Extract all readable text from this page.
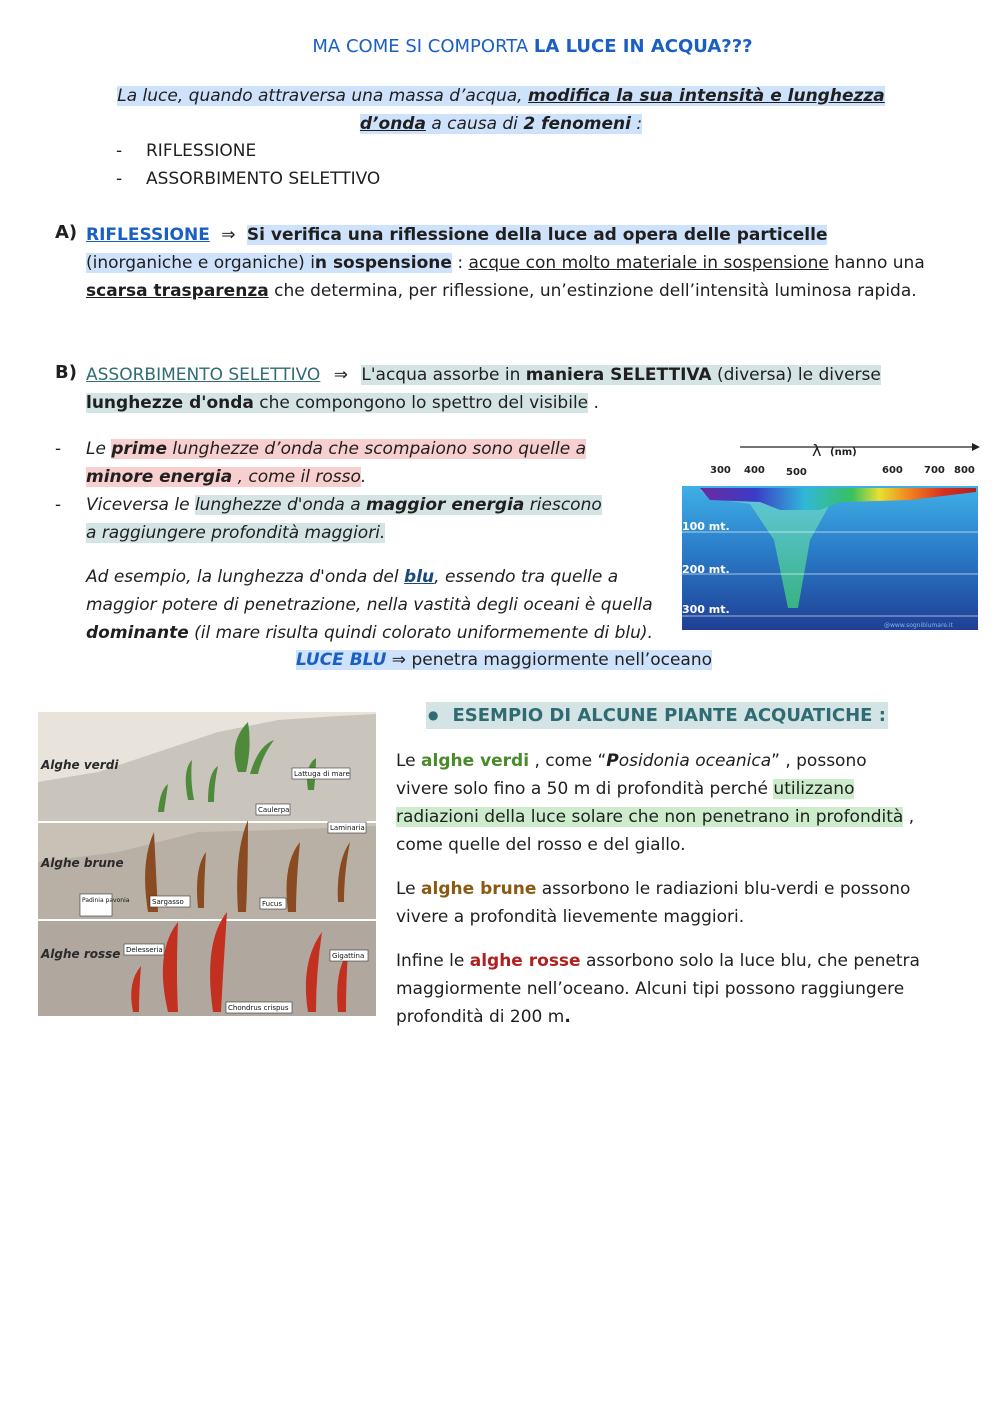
MA COME SI COMPORTA LA LUCE IN ACQUA???
La luce, quando attraversa una massa d’acqua, modifica la sua intensità e lunghezza d’onda a causa di 2 fenomeni :
- RIFLESSIONE
- ASSORBIMENTO SELETTIVO
A) RIFLESSIONE ⇒ Si verifica una riflessione della luce ad opera delle particelle (inorganiche e organiche) in sospensione : acque con molto materiale in sospensione hanno una scarsa trasparenza che determina, per riflessione, un’estinzione dell’intensità luminosa rapida.
B) ASSORBIMENTO SELETTIVO ⇒ L'acqua assorbe in maniera SELETTIVA (diversa) le diverse lunghezze d'onda che compongono lo spettro del visibile .
-	Le prime lunghezze d’onda che scompaiono sono quelle a minore energia , come il rosso.
-	Viceversa le lunghezze d'onda a maggior energia riescono a raggiungere profondità maggiori.
Ad esempio, la lunghezza d'onda del blu, essendo tra quelle a maggior potere di penetrazione, nella vastità degli oceani è quella dominante (il mare risulta quindi colorato uniformemente di blu).
LUCE BLU ⇒ penetra maggiormente nell’oceano
λ (nm)
300 400 500	600 700 800
100 mt.
200 mt.
300 mt.
@www.sogniblumare.it
Alghe verdi
Alghe brune
Alghe rosse
Lattuga di mare
Caulerpa
Laminaria
Sargasso
Padinia pavonia	Fucus
Delesseria
Gigattina
Chondrus crispus
● ESEMPIO DI ALCUNE PIANTE ACQUATICHE :
Le alghe verdi , come “Posidonia oceanica” , possono vivere solo fino a 50 m di profondità perché utilizzano radiazioni della luce solare che non penetrano in profondità , come quelle del rosso e del giallo.
Le alghe brune assorbono le radiazioni blu-verdi e possono vivere a profondità lievemente maggiori.
Infine le alghe rosse assorbono solo la luce blu, che penetra maggiormente nell’oceano. Alcuni tipi possono raggiungere profondità di 200 m.
